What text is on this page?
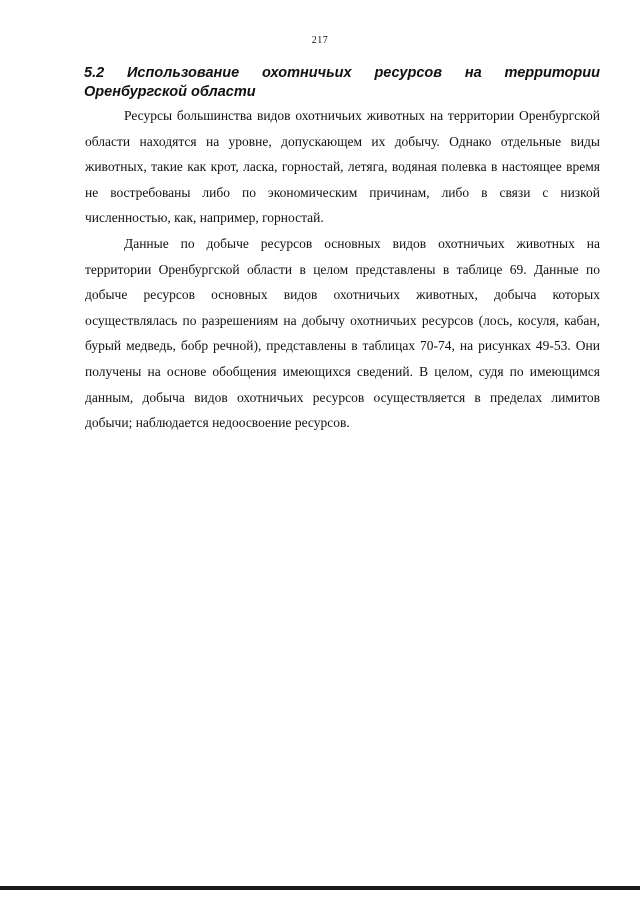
217
5.2 Использование охотничьих ресурсов на территории Оренбургской области

Ресурсы большинства видов охотничьих животных на территории Оренбургской области находятся на уровне, допускающем их добычу. Однако отдельные виды животных, такие как крот, ласка, горностай, летяга, водяная полевка в настоящее время не востребованы либо по экономическим причинам, либо в связи с низкой численностью, как, например, горностай.

Данные по добыче ресурсов основных видов охотничьих животных на территории Оренбургской области в целом представлены в таблице 69. Данные по добыче ресурсов основных видов охотничьих животных, добыча которых осуществлялась по разрешениям на добычу охотничьих ресурсов (лось, косуля, кабан, бурый медведь, бобр речной), представлены в таблицах 70-74, на рисунках 49-53. Они получены на основе обобщения имеющихся сведений. В целом, судя по имеющимся данным, добыча видов охотничьих ресурсов осуществляется в пределах лимитов добычи; наблюдается недоосвоение ресурсов.
